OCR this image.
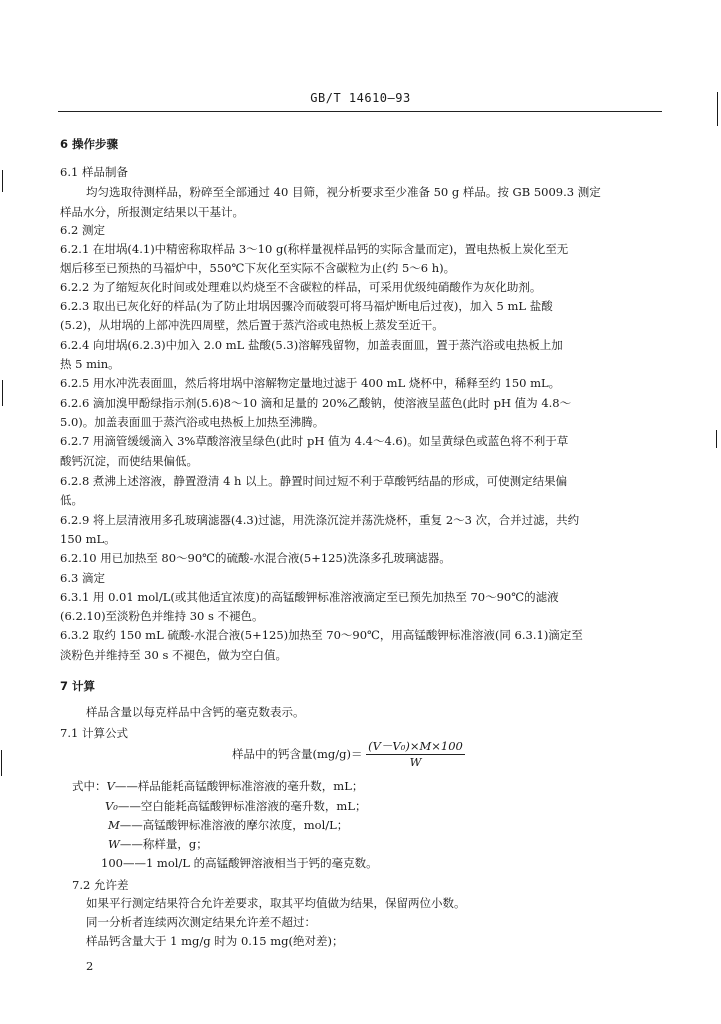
GB/T 14610—93
6 操作步骤
6.1 样品制备
均匀选取待测样品，粉碎至全部通过 40 目筛，视分析要求至少准备 50 g 样品。按 GB 5009.3 测定
样品水分，所报测定结果以干基计。
6.2 测定
6.2.1 在坩埚(4.1)中精密称取样品 3～10 g(称样量视样品钙的实际含量而定)，置电热板上炭化至无
烟后移至已预热的马福炉中，550℃下灰化至实际不含碳粒为止(约 5～6 h)。
6.2.2 为了缩短灰化时间或处理难以灼烧至不含碳粒的样品，可采用优级纯硝酸作为灰化助剂。
6.2.3 取出已灰化好的样品(为了防止坩埚因骤冷而破裂可将马福炉断电后过夜)，加入 5 mL 盐酸
(5.2)，从坩埚的上部冲洗四周壁，然后置于蒸汽浴或电热板上蒸发至近干。
6.2.4 向坩埚(6.2.3)中加入 2.0 mL 盐酸(5.3)溶解残留物，加盖表面皿，置于蒸汽浴或电热板上加
热 5 min。
6.2.5 用水冲洗表面皿，然后将坩埚中溶解物定量地过滤于 400 mL 烧杯中，稀释至约 150 mL。
6.2.6 滴加溴甲酚绿指示剂(5.6)8～10 滴和足量的 20%乙酸钠，使溶液呈蓝色(此时 pH 值为 4.8～
5.0)。加盖表面皿于蒸汽浴或电热板上加热至沸腾。
6.2.7 用滴管缓缓滴入 3%草酸溶液呈绿色(此时 pH 值为 4.4～4.6)。如呈黄绿色或蓝色将不利于草
酸钙沉淀，而使结果偏低。
6.2.8 煮沸上述溶液，静置澄清 4 h 以上。静置时间过短不利于草酸钙结晶的形成，可使测定结果偏
低。
6.2.9 将上层清液用多孔玻璃滤器(4.3)过滤，用洗涤沉淀并荡洗烧杯，重复 2～3 次，合并过滤，共约
150 mL。
6.2.10 用已加热至 80～90℃的硫酸-水混合液(5+125)洗涤多孔玻璃滤器。
6.3 滴定
6.3.1 用 0.01 mol/L(或其他适宜浓度)的高锰酸钾标准溶液滴定至已预先加热至 70～90℃的滤液
(6.2.10)至淡粉色并维持 30 s 不褪色。
6.3.2 取约 150 mL 硫酸-水混合液(5+125)加热至 70～90℃，用高锰酸钾标准溶液(同 6.3.1)滴定至
淡粉色并维持至 30 s 不褪色，做为空白值。
7 计算
样品含量以每克样品中含钙的毫克数表示。
7.1 计算公式
样品中的钙含量$(mg/g)= \frac{\text{(V－V₀)×M×100}}{W}$
式中：V——样品能耗高锰酸钾标准溶液的毫升数，mL；
V₀——空白能耗高锰酸钾标准溶液的毫升数，mL；
M——高锰酸钾标准溶液的摩尔浓度，mol/L；
W——称样量，g；
100——1 mol/L 的高锰酸钾溶液相当于钙的毫克数。
7.2 允许差
如果平行测定结果符合允许差要求，取其平均值做为结果，保留两位小数。
同一分析者连续两次测定结果允许差不超过：
样品钙含量大于 1 mg/g 时为 0.15 mg(绝对差)；
2
